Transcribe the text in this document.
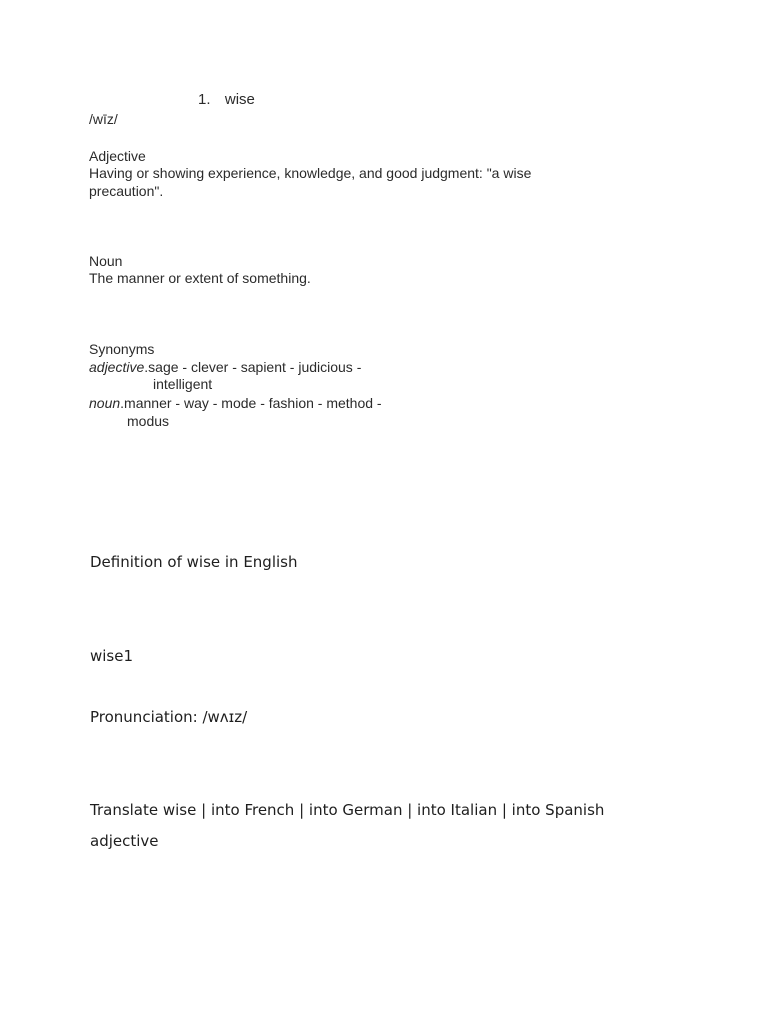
1. wise
/wīz/
Adjective
Having or showing experience, knowledge, and good judgment: "a wise precaution".
Noun
The manner or extent of something.
Synonyms
adjective.sage - clever - sapient - judicious -
intelligent
noun.manner - way - mode - fashion - method -
modus
Definition of wise in English
wise1
Pronunciation: /wʌɪz/
Translate wise | into French | into German | into Italian | into Spanish
adjective
